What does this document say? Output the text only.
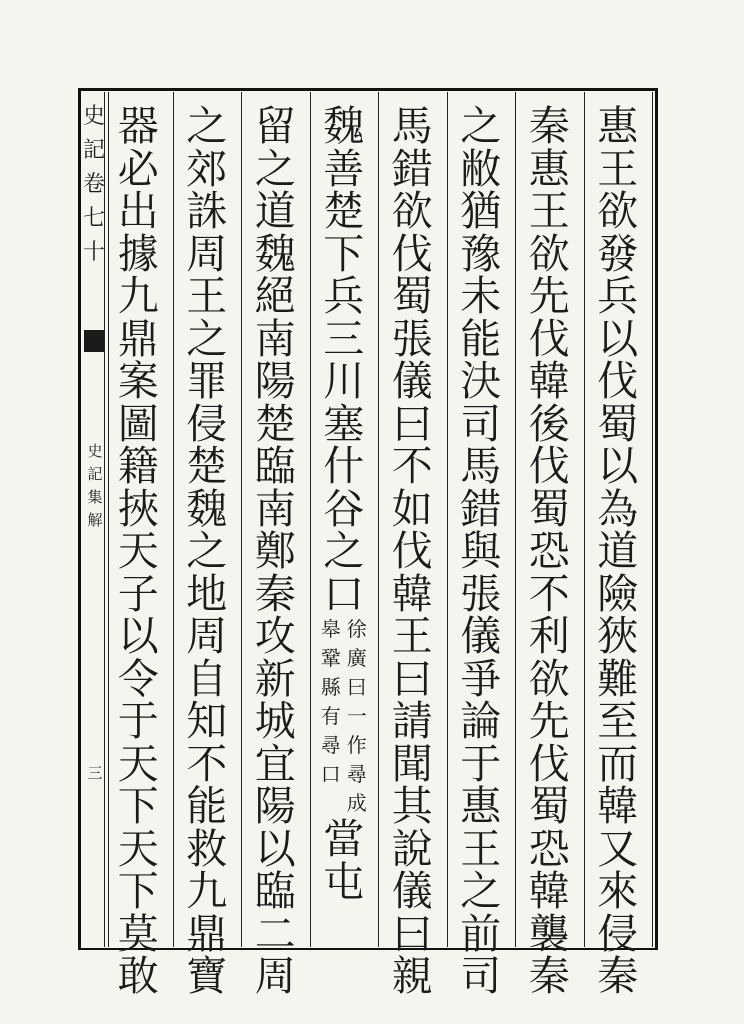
史
記
卷
七
十
史
記
集
解
三
惠
王
欲
發
兵
以
伐
蜀
以
為
道
險
狹
難
至
而
韓
又
來
侵
秦
秦
惠
王
欲
先
伐
韓
後
伐
蜀
恐
不
利
欲
先
伐
蜀
恐
韓
襲
秦
之
敝
猶
豫
未
能
決
司
馬
錯
與
張
儀
爭
論
于
惠
王
之
前
司
馬
錯
欲
伐
蜀
張
儀
曰
不
如
伐
韓
王
曰
請
聞
其
說
儀
曰
親
魏
善
楚
下
兵
三
川
塞
什
谷
之
口
皋
鞏
縣
有
尋
口
徐
廣
曰
一
作
尋
成
當
屯
留
之
道
魏
絕
南
陽
楚
臨
南
鄭
秦
攻
新
城
宜
陽
以
臨
二
周
之
郊
誅
周
王
之
罪
侵
楚
魏
之
地
周
自
知
不
能
救
九
鼎
寶
器
必
出
據
九
鼎
案
圖
籍
挾
天
子
以
令
于
天
下
天
下
莫
敢
